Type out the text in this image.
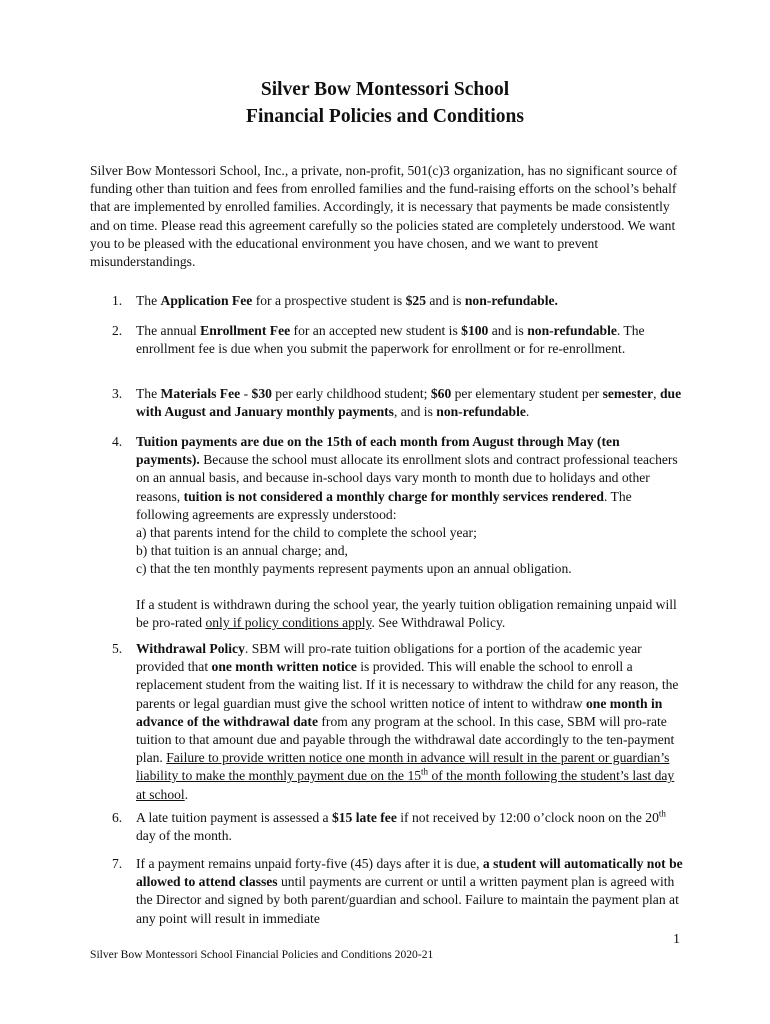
Silver Bow Montessori School
Financial Policies and Conditions

Silver Bow Montessori School, Inc., a private, non-profit, 501(c)3 organization, has no significant source of funding other than tuition and fees from enrolled families and the fund-raising efforts on the school’s behalf that are implemented by enrolled families. Accordingly, it is necessary that payments be made consistently and on time. Please read this agreement carefully so the policies stated are completely understood. We want you to be pleased with the educational environment you have chosen, and we want to prevent misunderstandings.

1. The Application Fee for a prospective student is $25 and is non-refundable.

2. The annual Enrollment Fee for an accepted new student is $100 and is non-refundable. The enrollment fee is due when you submit the paperwork for enrollment or for re-enrollment.

3. The Materials Fee - $30 per early childhood student; $60 per elementary student per semester, due with August and January monthly payments, and is non-refundable.

4. Tuition payments are due on the 15th of each month from August through May (ten payments). Because the school must allocate its enrollment slots and contract professional teachers on an annual basis, and because in-school days vary month to month due to holidays and other reasons, tuition is not considered a monthly charge for monthly services rendered. The following agreements are expressly understood:

a) that parents intend for the child to complete the school year;

b) that tuition is an annual charge; and,

c) that the ten monthly payments represent payments upon an annual obligation.

If a student is withdrawn during the school year, the yearly tuition obligation remaining unpaid will be pro-rated only if policy conditions apply. See Withdrawal Policy.

5. Withdrawal Policy. SBM will pro-rate tuition obligations for a portion of the academic year provided that one month written notice is provided. This will enable the school to enroll a replacement student from the waiting list. If it is necessary to withdraw the child for any reason, the parents or legal guardian must give the school written notice of intent to withdraw one month in advance of the withdrawal date from any program at the school. In this case, SBM will pro-rate tuition to that amount due and payable through the withdrawal date accordingly to the ten-payment plan. Failure to provide written notice one month in advance will result in the parent or guardian’s liability to make the monthly payment due on the 15th of the month following the student’s last day at school.

6. A late tuition payment is assessed a $15 late fee if not received by 12:00 o’clock noon on the 20th day of the month.

7. If a payment remains unpaid forty-five (45) days after it is due, a student will automatically not be allowed to attend classes until payments are current or until a written payment plan is agreed with the Director and signed by both parent/guardian and school. Failure to maintain the payment plan at any point will result in immediate

1
Silver Bow Montessori School Financial Policies and Conditions 2020-21
